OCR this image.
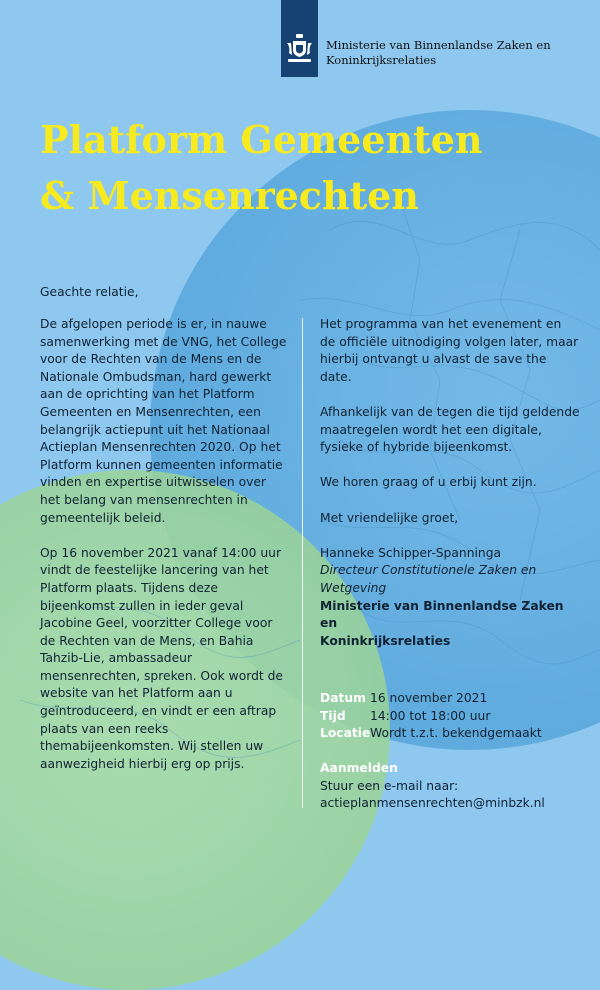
Ministerie van Binnenlandse Zaken en
Koninkrijksrelaties
Platform Gemeenten
& Mensenrechten
Geachte relatie,

De afgelopen periode is er, in nauwe samenwerking met de VNG, het College voor de Rechten van de Mens en de Nationale Ombudsman, hard gewerkt aan de oprichting van het Platform Gemeenten en Mensenrechten, een belangrijk actiepunt uit het Nationaal Actieplan Mensenrechten 2020. Op het Platform kunnen gemeenten informatie vinden en expertise uitwisselen over het belang van mensenrechten in gemeentelijk beleid.

Op 16 november 2021 vanaf 14:00 uur vindt de feestelijke lancering van het Platform plaats. Tijdens deze bijeenkomst zullen in ieder geval Jacobine Geel, voorzitter College voor de Rechten van de Mens, en Bahia Tahzib-Lie, ambassadeur mensenrechten, spreken. Ook wordt de website van het Platform aan u geïntroduceerd, en vindt er een aftrap plaats van een reeks themabijeenkomsten. Wij stellen uw aanwezigheid hierbij erg op prijs.

Het programma van het evenement en de officiële uitnodiging volgen later, maar hierbij ontvangt u alvast de save the date.

Afhankelijk van de tegen die tijd geldende maatregelen wordt het een digitale, fysieke of hybride bijeenkomst.

We horen graag of u erbij kunt zijn.

Met vriendelijke groet,

Hanneke Schipper-Spanninga
Directeur Constitutionele Zaken en Wetgeving
Ministerie van Binnenlandse Zaken en
Koninkrijksrelaties
Datum 16 november 2021
Tijd	14:00 tot 18:00 uur
Locatie Wordt t.z.t. bekendgemaakt
Aanmelden
Stuur een e-mail naar:
actieplanmensenrechten@minbzk.nl
